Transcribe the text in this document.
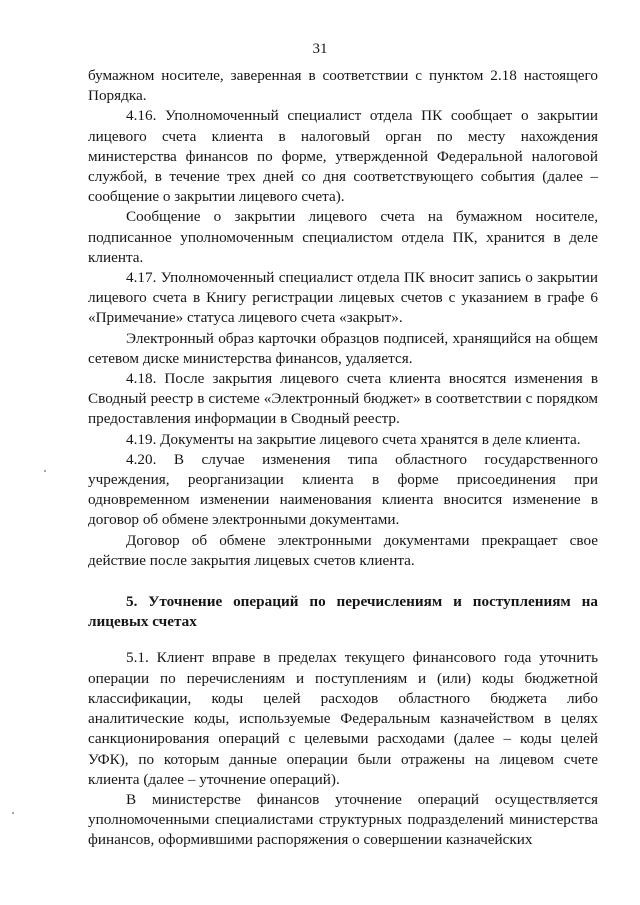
31

бумажном носителе, заверенная в соответствии с пунктом 2.18 настоящего Порядка.

4.16. Уполномоченный специалист отдела ПК сообщает о закрытии лицевого счета клиента в налоговый орган по месту нахождения министерства финансов по форме, утвержденной Федеральной налоговой службой, в течение трех дней со дня соответствующего события (далее – сообщение о закрытии лицевого счета).

Сообщение о закрытии лицевого счета на бумажном носителе, подписанное уполномоченным специалистом отдела ПК, хранится в деле клиента.

4.17. Уполномоченный специалист отдела ПК вносит запись о закрытии лицевого счета в Книгу регистрации лицевых счетов с указанием в графе 6 «Примечание» статуса лицевого счета «закрыт».

Электронный образ карточки образцов подписей, хранящийся на общем сетевом диске министерства финансов, удаляется.

4.18. После закрытия лицевого счета клиента вносятся изменения в Сводный реестр в системе «Электронный бюджет» в соответствии с порядком предоставления информации в Сводный реестр.

4.19. Документы на закрытие лицевого счета хранятся в деле клиента.

4.20. В случае изменения типа областного государственного учреждения, реорганизации клиента в форме присоединения при одновременном изменении наименования клиента вносится изменение в договор об обмене электронными документами.

Договор об обмене электронными документами прекращает свое действие после закрытия лицевых счетов клиента.

5. Уточнение операций по перечислениям и поступлениям на лицевых счетах

5.1. Клиент вправе в пределах текущего финансового года уточнить операции по перечислениям и поступлениям и (или) коды бюджетной классификации, коды целей расходов областного бюджета либо аналитические коды, используемые Федеральным казначейством в целях санкционирования операций с целевыми расходами (далее – коды целей УФК), по которым данные операции были отражены на лицевом счете клиента (далее – уточнение операций).

В министерстве финансов уточнение операций осуществляется уполномоченными специалистами структурных подразделений министерства финансов, оформившими распоряжения о совершении казначейских
